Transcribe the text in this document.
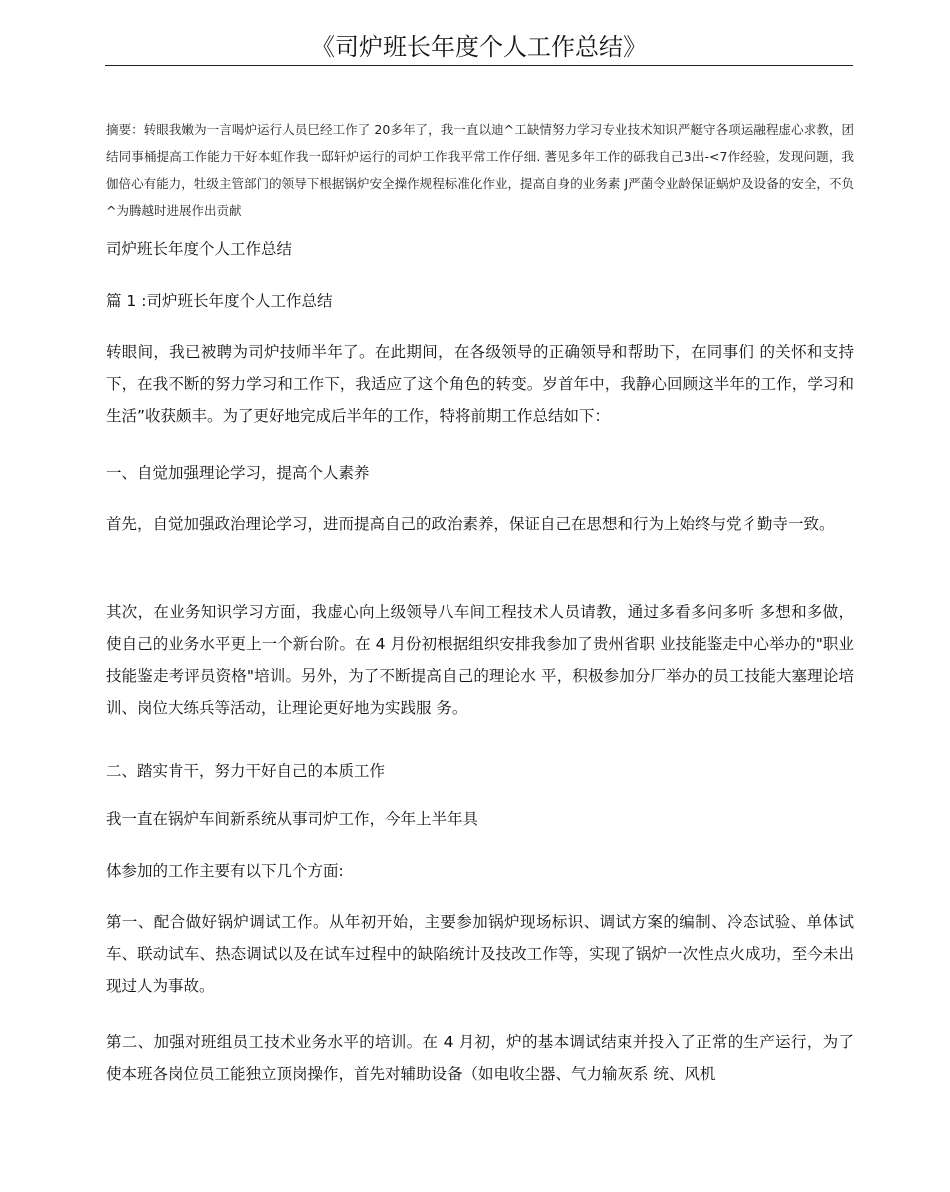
《司炉班长年度个人工作总结》

摘要：转眼我嫩为一言喝炉运行人员巳经工作了 20多年了，我一直以迪^工缺情努力学习专业技术知识严艇守各项运融程虚心求教，团结同事桶提高工作能力干好本虹作我一邸轩炉运行的司炉工作我平常工作仔细. 蓍见多年工作的砾我自己3出-<7作经验，发现问题，我伽倍心有能力，牡级主管部门的领导下根据锅炉安全操作规程标准化作业，提高自身的业务素 J严菌令业龄保证蜗炉及设备的安全，不负^为腾越时进展作出贡献

司炉班长年度个人工作总结

篇 1 :司炉班长年度个人工作总结

转眼间，我已被聘为司炉技师半年了。在此期间，在各级领导的正确领导和帮助下，在同事们 的关怀和支持下，在我不断的努力学习和工作下，我适应了这个角色的转变。岁首年中，我静心回顾这半年的工作，学习和生活”收获颇丰。为了更好地完成后半年的工作，特将前期工作总结如下：

一、自觉加强理论学习，提高个人素养

首先，自觉加强政治理论学习，进而提高自己的政治素养，保证自己在思想和行为上始终与党彳勤寺一致。

其次，在业务知识学习方面，我虚心向上级领导八车间工程技术人员请教，通过多看多问多听 多想和多做，使自己的业务水平更上一个新台阶。在 4 月份初根据组织安排我参加了贵州省职 业技能鉴走中心举办的"职业技能鉴走考评员资格"培训。另外，为了不断提高自己的理论水 平，积极参加分厂举办的员工技能大塞理论培训、岗位大练兵等活动，让理论更好地为实践服 务。

二、踏实肯干，努力干好自己的本质工作

我一直在锅炉车间新系统从事司炉工作，今年上半年具

体参加的工作主要有以下几个方面:

第一、配合做好锅炉调试工作。从年初开始，主要参加锅炉现场标识、调试方案的编制、冷态试验、单体试车、联动试车、热态调试以及在试车过程中的缺陷统计及技改工作等，实现了锅炉一次性点火成功，至今未出现过人为事故。

第二、加强对班组员工技术业务水平的培训。在 4 月初，炉的基本调试结束并投入了正常的生产运行，为了使本班各岗位员工能独立顶岗操作，首先对辅助设备（如电收尘器、气力输灰系 统、风机
